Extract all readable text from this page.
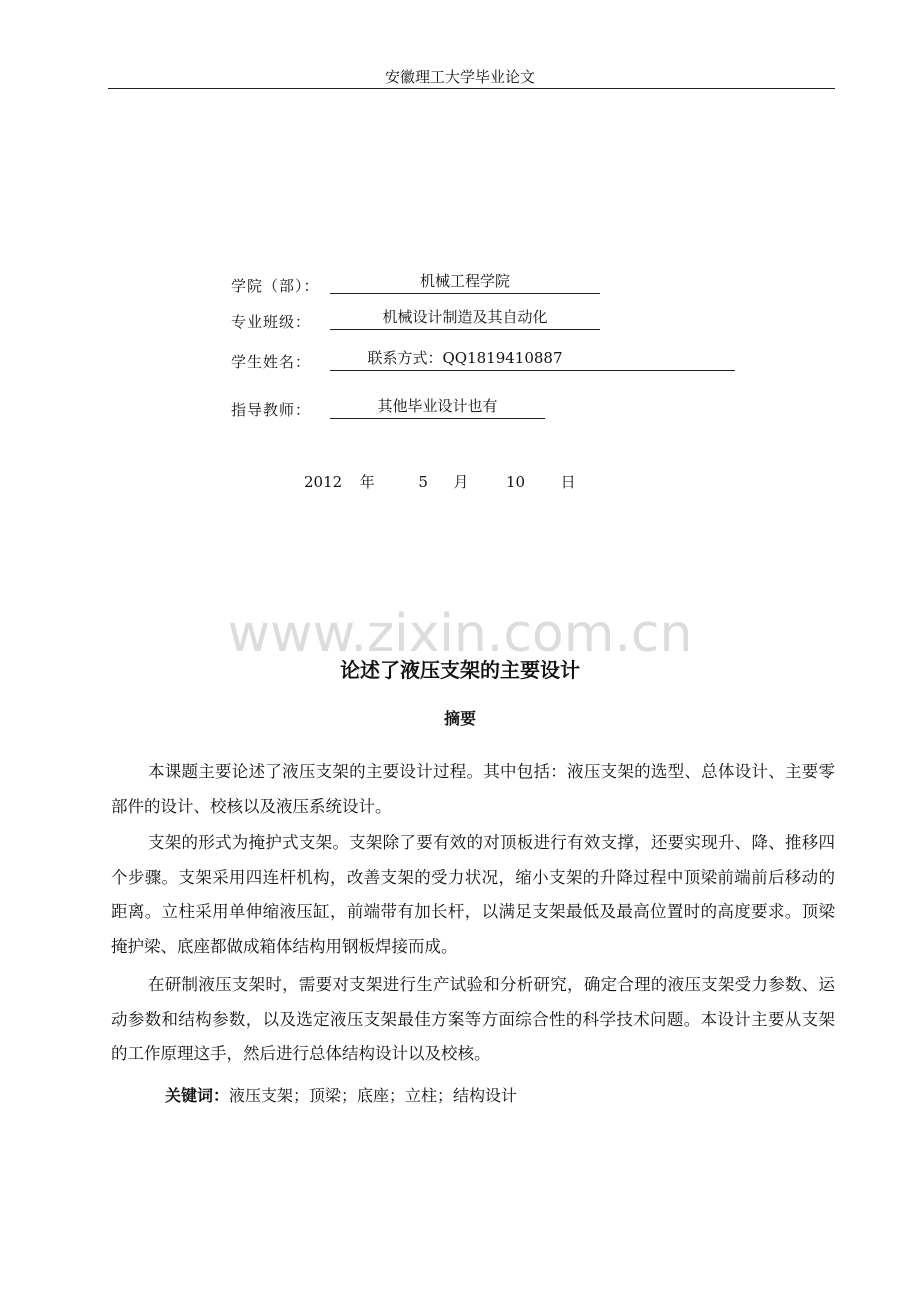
安徽理工大学毕业论文
学院（部）：	机械工程学院
专业班级：	机械设计制造及其自动化
学生姓名：	联系方式：QQ1819410887
指导教师：	其他毕业设计也有
2012 年	5 月	10 日
www.zixin.com.cn
论述了液压支架的主要设计
摘要
本课题主要论述了液压支架的主要设计过程。其中包括：液压支架的选型、总体设计、主要零部件的设计、校核以及液压系统设计。
支架的形式为掩护式支架。支架除了要有效的对顶板进行有效支撑，还要实现升、降、推移四个步骤。支架采用四连杆机构，改善支架的受力状况，缩小支架的升降过程中顶梁前端前后移动的距离。立柱采用单伸缩液压缸，前端带有加长杆，以满足支架最低及最高位置时的高度要求。顶梁掩护梁、底座都做成箱体结构用钢板焊接而成。
在研制液压支架时，需要对支架进行生产试验和分析研究，确定合理的液压支架受力参数、运动参数和结构参数，以及选定液压支架最佳方案等方面综合性的科学技术问题。本设计主要从支架的工作原理这手，然后进行总体结构设计以及校核。
关键词：液压支架；顶梁；底座；立柱；结构设计
